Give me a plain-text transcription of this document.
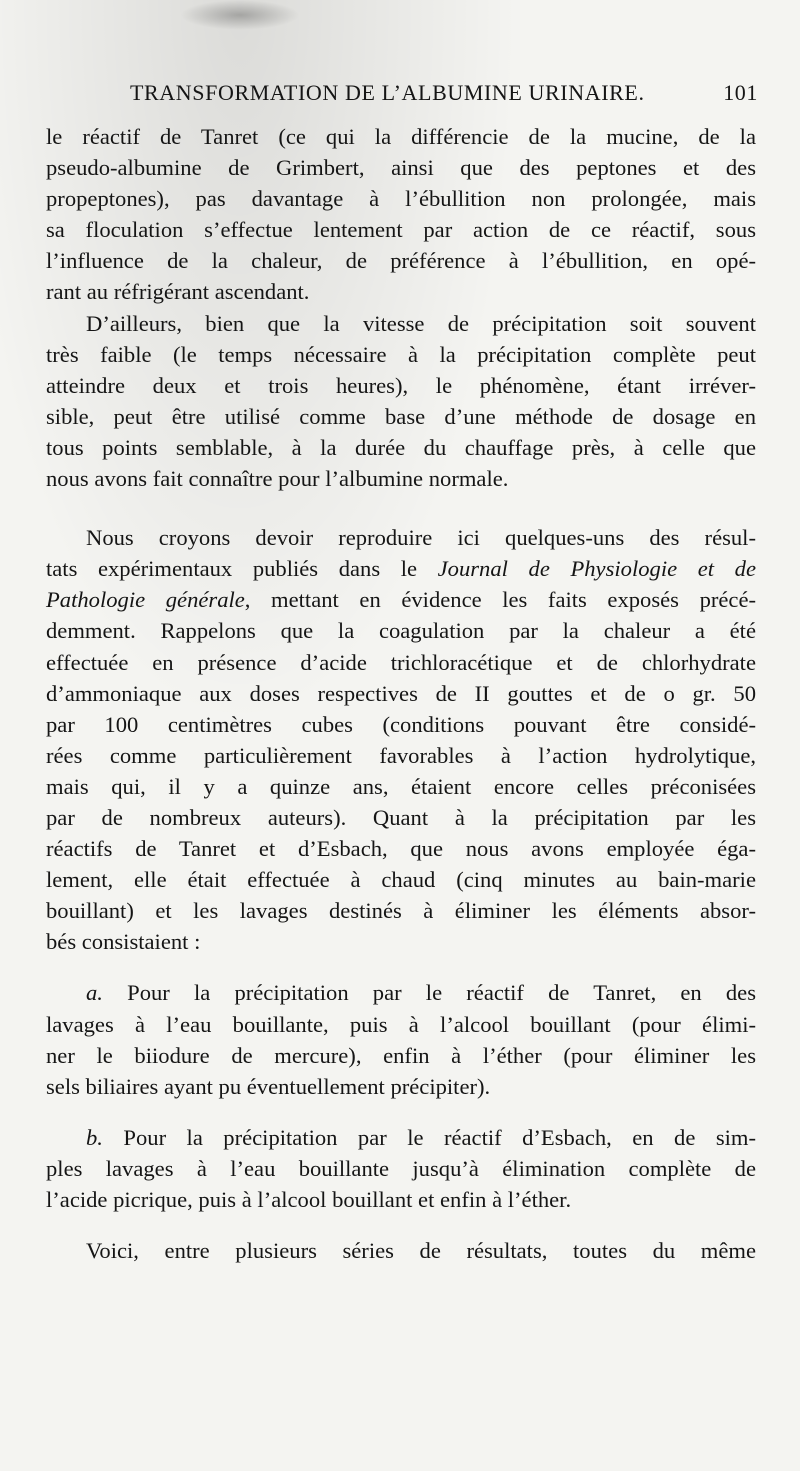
TRANSFORMATION DE L’ALBUMINE URINAIRE.	101
le réactif de Tanret (ce qui la différencie de la mucine, de la
pseudo-albumine de Grimbert, ainsi que des peptones et des
propeptones), pas davantage à l’ébullition non prolongée, mais
sa floculation s’effectue lentement par action de ce réactif, sous
l’influence de la chaleur, de préférence à l’ébullition, en opé-
rant au réfrigérant ascendant.
D’ailleurs, bien que la vitesse de précipitation soit souvent
très faible (le temps nécessaire à la précipitation complète peut
atteindre deux et trois heures), le phénomène, étant irréver-
sible, peut être utilisé comme base d’une méthode de dosage en
tous points semblable, à la durée du chauffage près, à celle que
nous avons fait connaître pour l’albumine normale.
Nous croyons devoir reproduire ici quelques-uns des résul-
tats expérimentaux publiés dans le Journal de Physiologie et de
Pathologie générale, mettant en évidence les faits exposés précé-
demment. Rappelons que la coagulation par la chaleur a été
effectuée en présence d’acide trichloracétique et de chlorhydrate
d’ammoniaque aux doses respectives de II gouttes et de o gr. 50
par 100 centimètres cubes (conditions pouvant être considé-
rées comme particulièrement favorables à l’action hydrolytique,
mais qui, il y a quinze ans, étaient encore celles préconisées
par de nombreux auteurs). Quant à la précipitation par les
réactifs de Tanret et d’Esbach, que nous avons employée éga-
lement, elle était effectuée à chaud (cinq minutes au bain-marie
bouillant) et les lavages destinés à éliminer les éléments absor-
bés consistaient :
a. Pour la précipitation par le réactif de Tanret, en des
lavages à l’eau bouillante, puis à l’alcool bouillant (pour élimi-
ner le biiodure de mercure), enfin à l’éther (pour éliminer les
sels biliaires ayant pu éventuellement précipiter).
b. Pour la précipitation par le réactif d’Esbach, en de sim-
ples lavages à l’eau bouillante jusqu’à élimination complète de
l’acide picrique, puis à l’alcool bouillant et enfin à l’éther.
Voici, entre plusieurs séries de résultats, toutes du même
